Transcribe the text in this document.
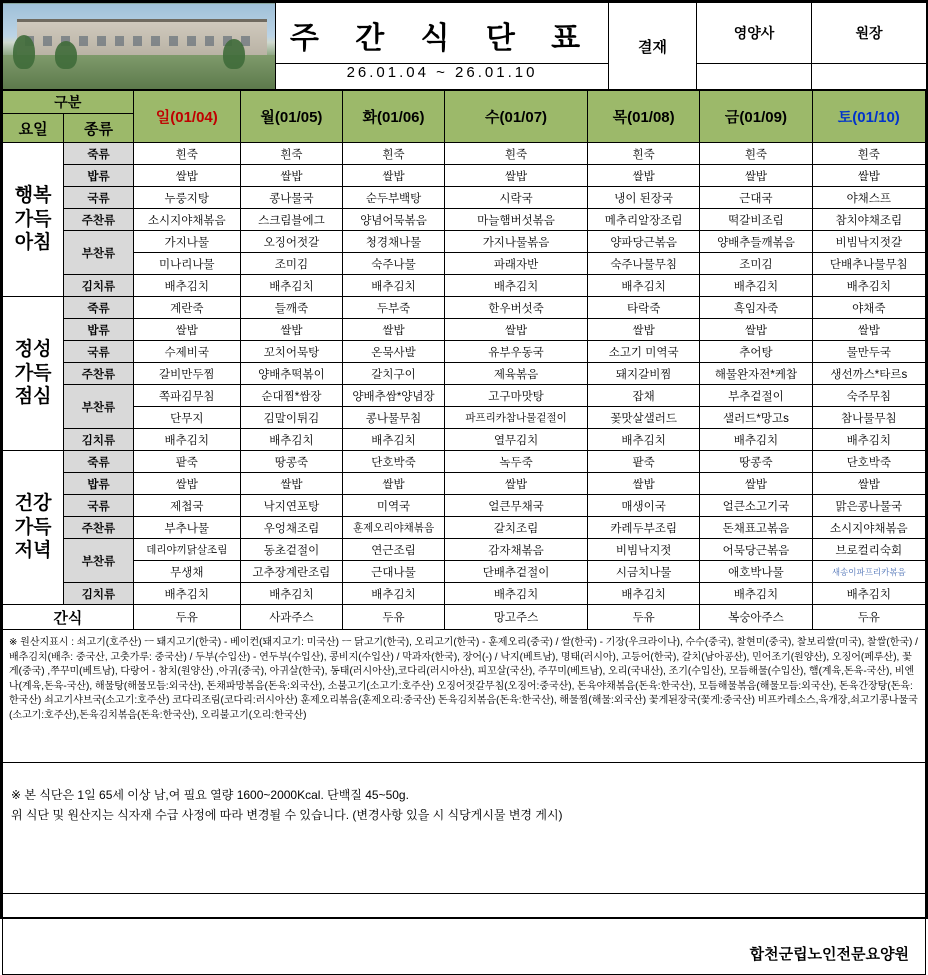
	주 간 식 단 표	결재	영양사	원장
	26.01.04 ~ 26.01.10			
구분		일(01/04)	월(01/05)	화(01/06)	수(01/07)	목(01/08)	금(01/09)	토(01/10)
요일	종류							

행복
가득
아침	죽류	흰죽	흰죽	흰죽	흰죽	흰죽	흰죽	흰죽
	밥류	쌀밥	쌀밥	쌀밥	쌀밥	쌀밥	쌀밥	쌀밥
	국류	누룽지탕	콩나물국	순두부백탕	시락국	냉이 된장국	근대국	야채스프
	주찬류	소시지야채볶음	스크림블에그	양념어묵볶음	마늘햄버섯볶음	메추리알장조림	떡갈비조림	참치야채조림
	부찬류	가지나물	오징어젓갈	청경채나물	가지나물볶음	양파당근볶음	양배추들깨볶음	비빔낙지젓갈
		미나리나물	조미김	숙주나물	파래자반	숙주나물무침	조미김	단배추나물무침
	김치류	배추김치	배추김치	배추김치	배추김치	배추김치	배추김치	배추김치

정성
가득
점심	죽류	계란죽	들깨죽	두부죽	한우버섯죽	타락죽	흑임자죽	야채죽
	밥류	쌀밥	쌀밥	쌀밥	쌀밥	쌀밥	쌀밥	쌀밥
	국류	수제비국	꼬치어묵탕	온묵사발	유부우동국	소고기 미역국	추어탕	물만두국
	주찬류	갈비만두찜	양배추떡볶이	갈치구이	제육볶음	돼지갈비찜	해물완자전*케찹	생선까스*타르s
	부찬류	쪽파김무침	순대찜*쌈장	양배추쌈*양념장	고구마맛탕	잡채	부추겉절이	숙주무침
		단무지	김말이튀김	콩나물무침	파프리카참나물겉절이	꽃맛살샐러드	샐러드*망고s	참나물무침
	김치류	배추김치	배추김치	배추김치	열무김치	배추김치	배추김치	배추김치

건강
가득
저녁	죽류	팥죽	땅콩죽	단호박죽	녹두죽	팥죽	땅콩죽	단호박죽
	밥류	쌀밥	쌀밥	쌀밥	쌀밥	쌀밥	쌀밥	쌀밥
	국류	제첩국	낙지연포탕	미역국	얼큰무채국	매생이국	얼큰소고기국	맑은콩나물국
	주찬류	부추나물	우엉채조림	훈제오리야채볶음	갈치조림	카레두부조림	돈채표고볶음	소시지야채볶음
	부찬류	데리야끼닭살조림	동초겉절이	연근조림	감자채볶음	비빔낙지젓	어묵당근볶음	브로컬리숙회
		무생채	고추장계란조림	근대나물	단배추겉절이	시금치나물	애호박나물	새송이파프리카볶음
	김치류	배추김치	배추김치	배추김치	배추김치	배추김치	배추김치	배추김치
간식		두유	사과주스	두유	망고주스	두유	복숭아주스	두유
※ 원산지표시 : 쇠고기(호주산) ㅡ 돼지고기(한국) - 베이컨(돼지고기: 미국산) ㅡ 닭고기(한국), 오리고기(한국) - 훈제오리(중국) / 쌀(한국) - 기장(우크라이나), 수수(중국), 찰현미(중국), 찰보리쌀(미국), 찰쌀(한국) / 배추김치(배추: 중국산, 고춧가루: 중국산) / 두부(수입산) - 연두부(수입산), 콩비지(수입산) / 막과자(한국), 장어(-) / 낙지(베트남), 명태(러시아), 고등어(한국), 갈치(남아공산), 민어조기(원양산), 오징어(페루산), 꽃게(중국) ,쭈꾸미(베트남), 다랑어 - 참치(원양산) ,아귀(중국), 아귀살(한국), 동태(러시아산),코다리(러시아산), 피꼬살(국산), 주꾸미(베트남), 오리(국내산), 조기(수입산), 모듬해물(수입산), 햄(계육,돈육-국산), 비엔나(계육,돈육-국산), 해물탕(해물모듬:외국산), 돈채파망볶음(돈육:외국산), 소불고기(소고기:호주산) 오징어젓갈무침(오징어:중국산), 돈육야채볶음(돈육:한국산), 모듬해물볶음(해물모듬:외국산), 돈육간장탕(돈육:한국산) 쇠고기샤브국(소고기:호주산) 코다리조림(코다리:러시아산) 훈제오리볶음(훈제오리:중국산) 돈육김치볶음(돈육:한국산), 해물찜(해물:외국산) 꽃게된장국(꽃게:중국산) 비프카레소스,육개장,쇠고기콩나물국(소고기:호주산),돈육김치볶음(돈육:한국산), 오리불고기(오리:한국산)								

※ 본 식단은 1일 65세 이상 남,여 필요 열량 1600~2000Kcal. 단백질 45~50g.
위 식단 및 원산지는 식자재 수급 사정에 따라 변경될 수 있습니다. (변경사항 있을 시 식당게시물 변경 게시)								

합천군립노인전문요양원								
